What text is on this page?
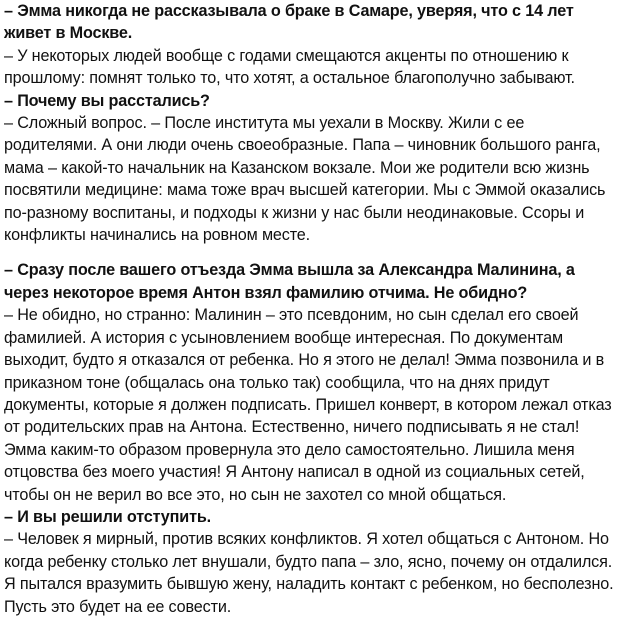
– Эмма никогда не рассказывала о браке в Самаре, уверяя, что с 14 лет живет в Москве.

– У некоторых людей вообще с годами смещаются акценты по отношению к прошлому: помнят только то, что хотят, а остальное благополучно забывают.

– Почему вы расстались?

– Сложный вопрос. – После института мы уехали в Москву. Жили с ее родителями. А они люди очень своеобразные. Папа – чиновник большого ранга, мама – какой-то начальник на Казанском вокзале. Мои же родители всю жизнь посвятили медицине: мама тоже врач высшей категории. Мы с Эммой оказались по-разному воспитаны, и подходы к жизни у нас были неодинаковые. Ссоры и конфликты начинались на ровном месте.

– Сразу после вашего отъезда Эмма вышла за Александра Малинина, а через некоторое время Антон взял фамилию отчима. Не обидно?

– Не обидно, но странно: Малинин – это псевдоним, но сын сделал его своей фамилией. А история с усыновлением вообще интересная. По документам выходит, будто я отказался от ребенка. Но я этого не делал! Эмма позвонила и в приказном тоне (общалась она только так) сообщила, что на днях придут документы, которые я должен подписать. Пришел конверт, в котором лежал отказ от родительских прав на Антона. Естественно, ничего подписывать я не стал! Эмма каким-то образом провернула это дело самостоятельно. Лишила меня отцовства без моего участия! Я Антону написал в одной из социальных сетей, чтобы он не верил во все это, но сын не захотел со мной общаться.

– И вы решили отступить.

– Человек я мирный, против всяких конфликтов. Я хотел общаться с Антоном. Но когда ребенку столько лет внушали, будто папа – зло, ясно, почему он отдалился. Я пытался вразумить бывшую жену, наладить контакт с ребенком, но бесполезно. Пусть это будет на ее совести.
